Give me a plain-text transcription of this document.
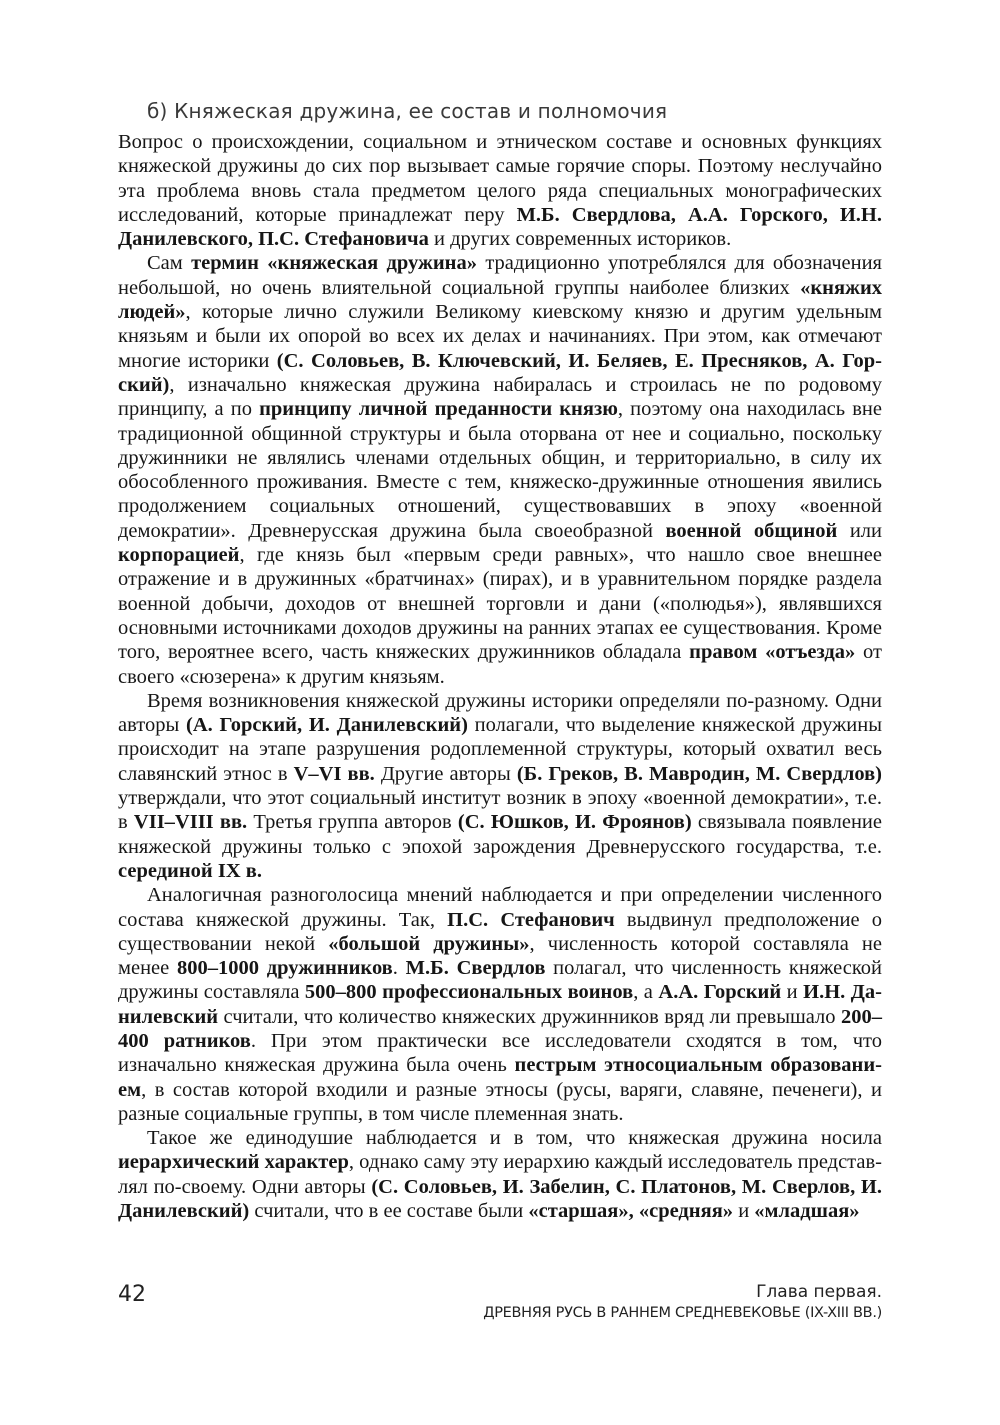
б) Княжеская дружина, ее состав и полномочия

Вопрос о происхождении, социальном и этническом составе и основных функциях княжеской дружины до сих пор вызывает самые горячие споры. Поэтому неслучайно эта проблема вновь стала предметом целого ряда специальных монографических исследований, которые принадлежат перу М.Б. Свердлова, А.А. Горского, И.Н. Данилевского, П.С. Стефановича и других современных историков.

Сам термин «княжеская дружина» традиционно употреблялся для обозначения небольшой, но очень влиятельной социальной группы наиболее близких «княжих людей», которые лично служили Великому киевскому князю и другим удельным князьям и были их опорой во всех их делах и начинаниях. При этом, как отмечают многие историки (С. Соловьев, В. Ключевский, И. Беляев, Е. Пресняков, А. Горский), изначально княжеская дружина набиралась и строилась не по родовому принципу, а по принципу личной преданности князю, поэтому она находилась вне традиционной общинной структуры и была оторвана от нее и социально, поскольку дружинники не являлись членами отдельных общин, и территориально, в силу их обособленного проживания. Вместе с тем, княжеско-дружинные отношения явились продолжением социальных отношений, существовавших в эпоху «военной демократии». Древнерусская дружина была своеобразной военной общиной или корпорацией, где князь был «первым среди равных», что нашло свое внешнее отражение и в дружинных «братчинах» (пирах), и в уравнительном порядке раздела военной добычи, доходов от внешней торговли и дани («полюдья»), являвшихся основными источниками доходов дружины на ранних этапах ее существования. Кроме того, вероятнее всего, часть княжеских дружинников обладала правом «отъезда» от своего «сюзерена» к другим князьям.

Время возникновения княжеской дружины историки определяли по-разному. Одни авторы (А. Горский, И. Данилевский) полагали, что выделение княжеской дружины происходит на этапе разрушения родоплеменной структуры, который охватил весь славянский этнос в V–VI вв. Другие авторы (Б. Греков, В. Мавродин, М. Свердлов) утверждали, что этот социальный институт возник в эпоху «военной демократии», т.е. в VII–VIII вв. Третья группа авторов (С. Юшков, И. Фроянов) связывала появление княжеской дружины только с эпохой зарождения Древнерусского государства, т.е. серединой IX в.

Аналогичная разноголосица мнений наблюдается и при определении численного состава княжеской дружины. Так, П.С. Стефанович выдвинул предположение о существовании некой «большой дружины», численность которой составляла не менее 800–1000 дружинников. М.Б. Свердлов полагал, что численность княжеской дружины составляла 500–800 профессиональных воинов, а А.А. Горский и И.Н. Данилевский считали, что количество княжеских дружинников вряд ли превышало 200–400 ратников. При этом практически все исследователи сходятся в том, что изначально княжеская дружина была очень пестрым этносоциальным образованием, в состав которой входили и разные этносы (русы, варяги, славяне, печенеги), и разные социальные группы, в том числе племенная знать.

Такое же единодушие наблюдается и в том, что княжеская дружина носила иерархический характер, однако саму эту иерархию каждый исследователь представлял по-своему. Одни авторы (С. Соловьев, И. Забелин, С. Платонов, М. Сверлов, И. Данилевский) считали, что в ее составе были «старшая», «средняя» и «младшая»

42	Глава первая.
ДРЕВНЯЯ РУСЬ В РАННЕМ СРЕДНЕВЕКОВЬЕ (IX-XIII ВВ.)
